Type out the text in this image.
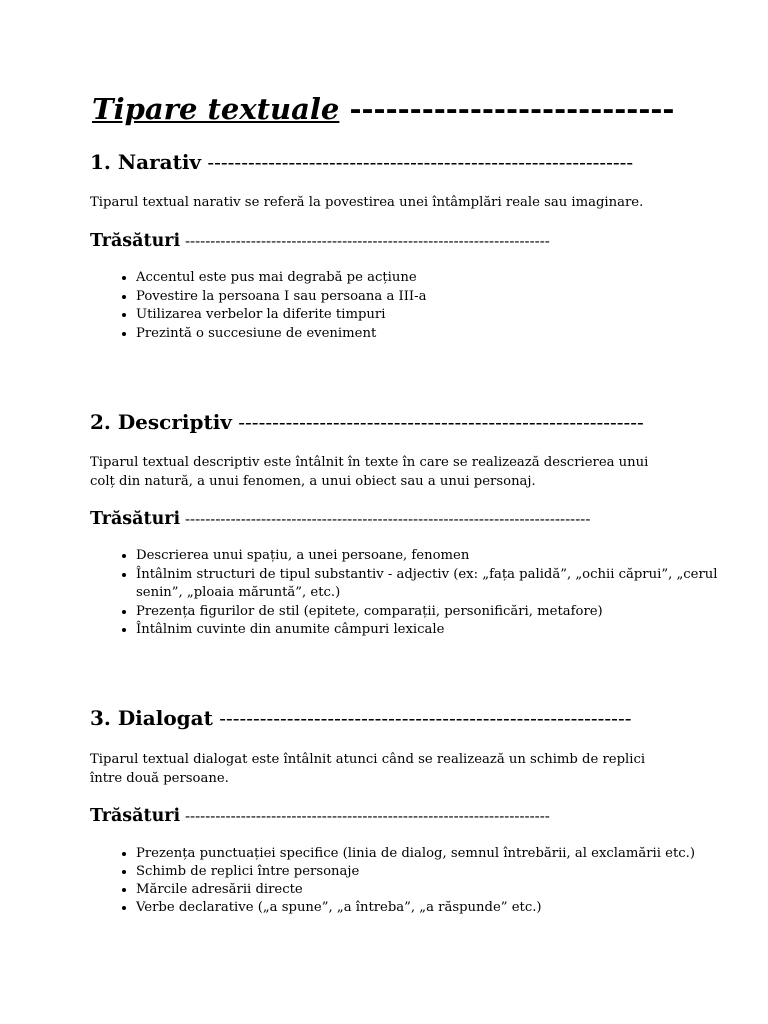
Tipare textuale ---------------------------
1. Narativ ---------------------------------------------------------------

Tiparul textual narativ se referă la povestirea unei întâmplări reale sau imaginare.

Trăsături ------------------------------------------------------------------------
• Accentul este pus mai degrabă pe acțiune
• Povestire la persoana I sau persoana a III-a
• Utilizarea verbelor la diferite timpuri
• Prezintă o succesiune de eveniment
2. Descriptiv ------------------------------------------------------------

Tiparul textual descriptiv este întâlnit în texte în care se realizează descrierea unui colț din natură, a unui fenomen, a unui obiect sau a unui personaj.

Trăsături --------------------------------------------------------------------------------
• Descrierea unui spațiu, a unei persoane, fenomen
• Întâlnim structuri de tipul substantiv - adjectiv (ex: „fața palidă”, „ochii căprui”, „cerul senin”, „ploaia măruntă”, etc.)
• Prezența figurilor de stil (epitete, comparații, personificări, metafore)
• Întâlnim cuvinte din anumite câmpuri lexicale
3. Dialogat -------------------------------------------------------------

Tiparul textual dialogat este întâlnit atunci când se realizează un schimb de replici între două persoane.

Trăsături ------------------------------------------------------------------------
• Prezența punctuației specifice (linia de dialog, semnul întrebării, al exclamării etc.)
• Schimb de replici între personaje
• Mărcile adresării directe
• Verbe declarative („a spune”, „a întreba”, „a răspunde” etc.)
